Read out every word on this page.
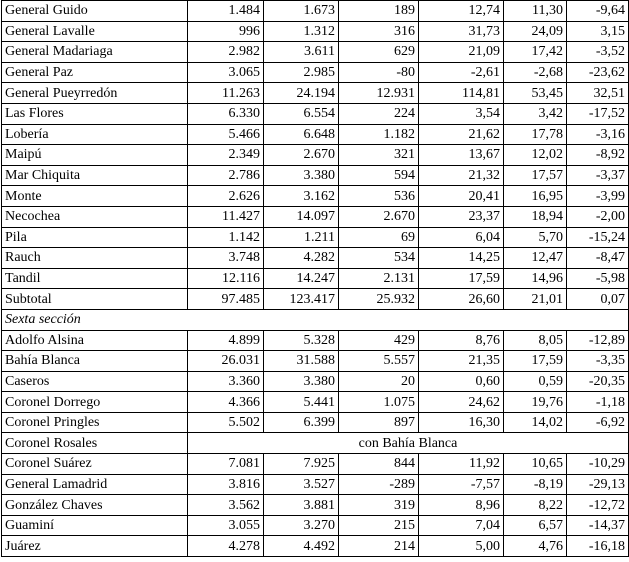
General Guido	1.484	1.673	189	12,74	11,30	-9,64
General Lavalle	996	1.312	316	31,73	24,09	3,15
General Madariaga	2.982	3.611	629	21,09	17,42	-3,52
General Paz	3.065	2.985	-80	-2,61	-2,68	-23,62
General Pueyrredón	11.263	24.194	12.931	114,81	53,45	32,51
Las Flores	6.330	6.554	224	3,54	3,42	-17,52
Lobería	5.466	6.648	1.182	21,62	17,78	-3,16
Maipú	2.349	2.670	321	13,67	12,02	-8,92
Mar Chiquita	2.786	3.380	594	21,32	17,57	-3,37
Monte	2.626	3.162	536	20,41	16,95	-3,99
Necochea	11.427	14.097	2.670	23,37	18,94	-2,00
Pila	1.142	1.211	69	6,04	5,70	-15,24
Rauch	3.748	4.282	534	14,25	12,47	-8,47
Tandil	12.116	14.247	2.131	17,59	14,96	-5,98
Subtotal	97.485	123.417	25.932	26,60	21,01	0,07
Sexta sección						
Adolfo Alsina	4.899	5.328	429	8,76	8,05	-12,89
Bahía Blanca	26.031	31.588	5.557	21,35	17,59	-3,35
Caseros	3.360	3.380	20	0,60	0,59	-20,35
Coronel Dorrego	4.366	5.441	1.075	24,62	19,76	-1,18
Coronel Pringles	5.502	6.399	897	16,30	14,02	-6,92
Coronel Rosales	con Bahía Blanca					
Coronel Suárez	7.081	7.925	844	11,92	10,65	-10,29
General Lamadrid	3.816	3.527	-289	-7,57	-8,19	-29,13
González Chaves	3.562	3.881	319	8,96	8,22	-12,72
Guaminí	3.055	3.270	215	7,04	6,57	-14,37
Juárez	4.278	4.492	214	5,00	4,76	-16,18
